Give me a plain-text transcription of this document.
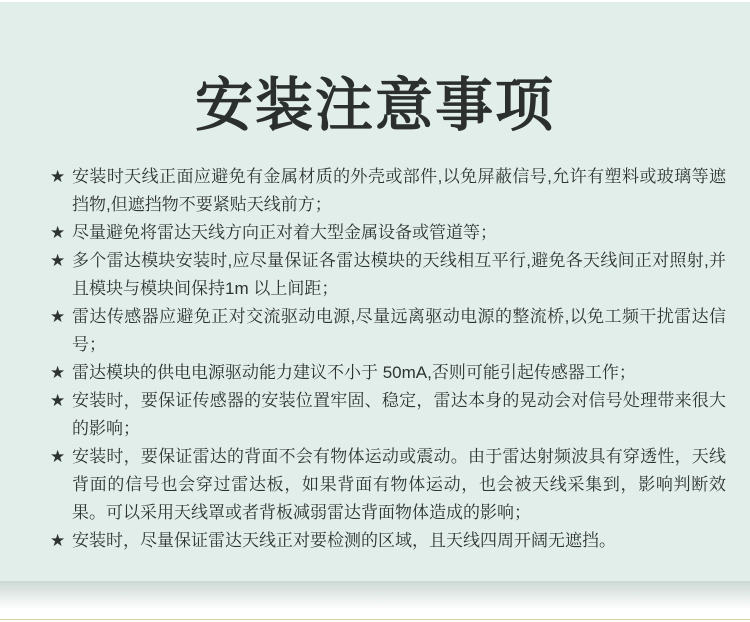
安装注意事项

★ 安装时天线正面应避免有金属材质的外壳或部件,以免屏蔽信号,允许有塑料或玻璃等遮挡物,但遮挡物不要紧贴天线前方；

★ 尽量避免将雷达天线方向正对着大型金属设备或管道等；

★ 多个雷达模块安装时,应尽量保证各雷达模块的天线相互平行,避免各天线间正对照射,并且模块与模块间保持1m 以上间距；

★ 雷达传感器应避免正对交流驱动电源,尽量远离驱动电源的整流桥,以免工频干扰雷达信号；

★ 雷达模块的供电电源驱动能力建议不小于 50mA,否则可能引起传感器工作；

★ 安装时，要保证传感器的安装位置牢固、稳定，雷达本身的晃动会对信号处理带来很大的影响；

★ 安装时，要保证雷达的背面不会有物体运动或震动。由于雷达射频波具有穿透性，天线背面的信号也会穿过雷达板，如果背面有物体运动，也会被天线采集到，影响判断效果。可以采用天线罩或者背板减弱雷达背面物体造成的影响；

★ 安装时，尽量保证雷达天线正对要检测的区域，且天线四周开阔无遮挡。
